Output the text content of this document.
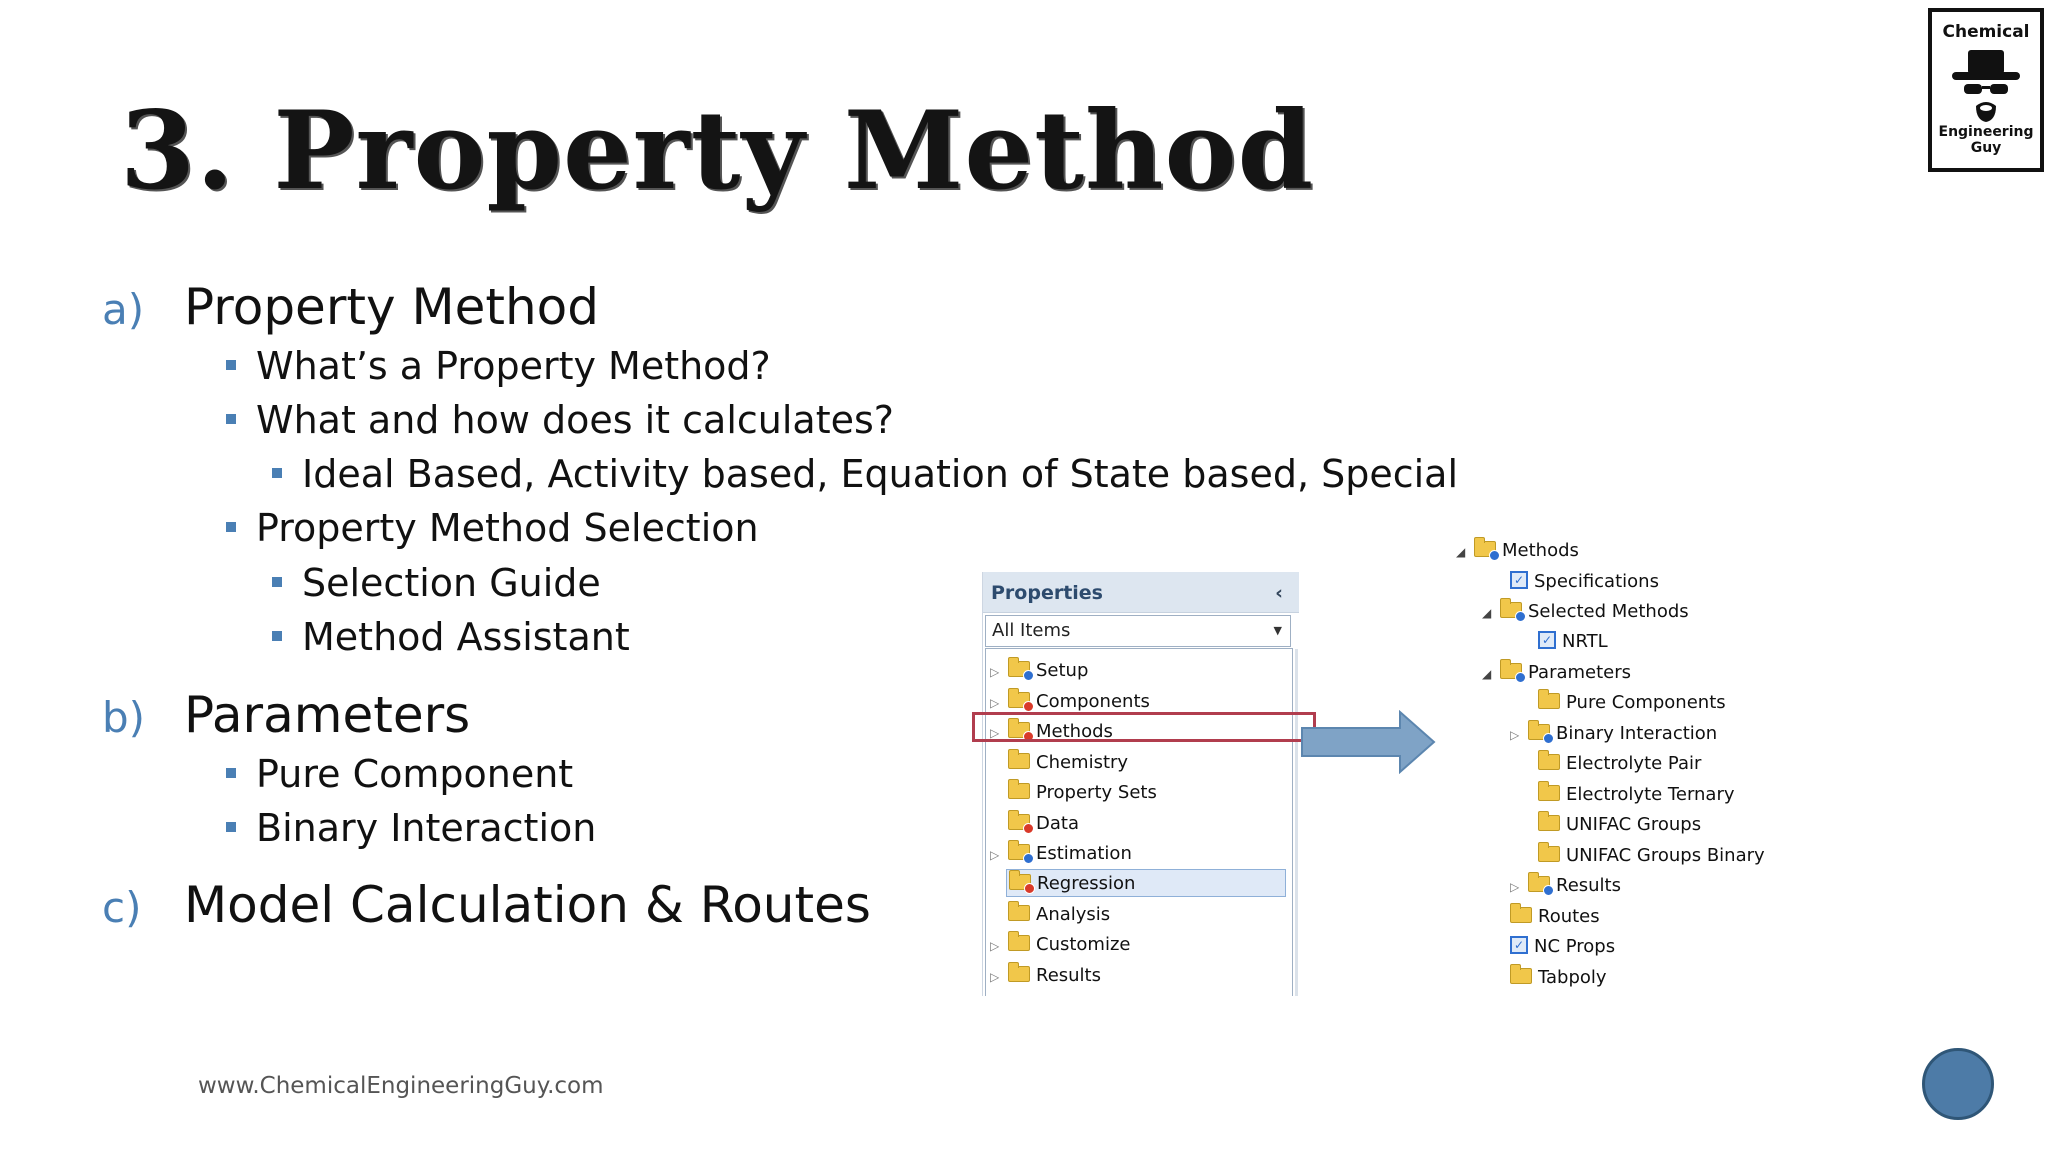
3. Property Method
Chemical
Engineering Guy
a) Property Method
What’s a Property Method?
What and how does it calculates?
Ideal Based, Activity based, Equation of State based, Special
Property Method Selection
Selection Guide
Method Assistant
b) Parameters
Pure Component
Binary Interaction
c) Model Calculation & Routes
Properties	‹
All Items	▼
▷ Setup
▷ Components
▷ Methods
Chemistry
Property Sets
Data
▷ Estimation
Regression
Analysis
▷ Customize
▷ Results
◢ Methods
✓ Specifications
◢ Selected Methods
✓ NRTL
◢ Parameters
Pure Components
▷ Binary Interaction
Electrolyte Pair
Electrolyte Ternary
UNIFAC Groups
UNIFAC Groups Binary
▷ Results
Routes
✓ NC Props
Tabpoly
www.ChemicalEngineeringGuy.com
